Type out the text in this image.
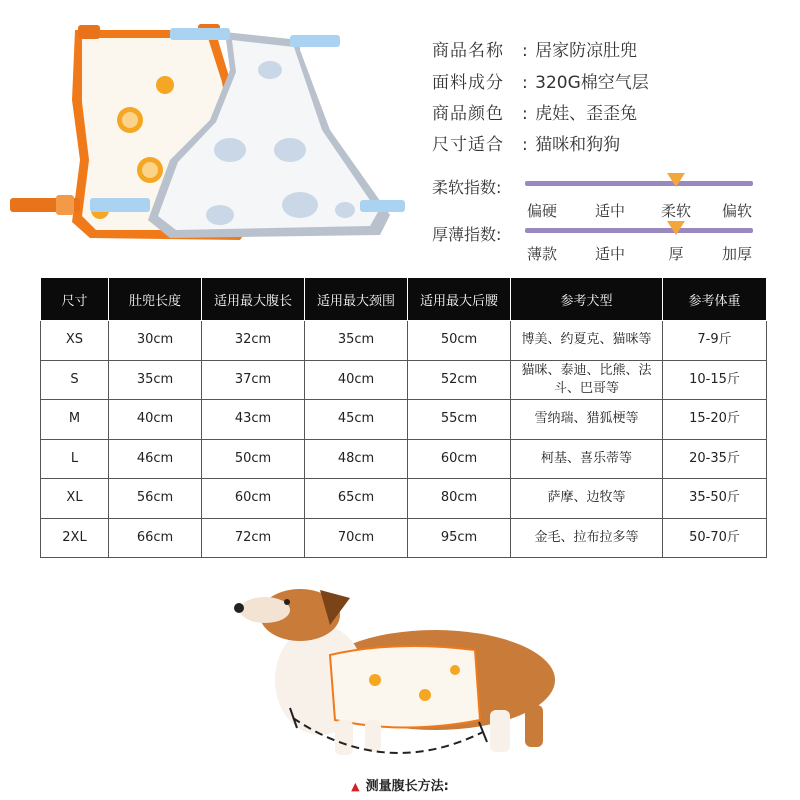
商品名称 : 居家防凉肚兜
面料成分 : 320G棉空气层
商品颜色 : 虎娃、歪歪兔
尺寸适合 : 猫咪和狗狗
柔软指数:
偏硬	适中 柔软 偏软
厚薄指数:
薄款	适中	厚	加厚
尺寸	肚兜长度	适用最大腹长	适用最大颈围	适用最大后腰	参考犬型	参考体重
XS	30cm	32cm	35cm	50cm	博美、约夏克、猫咪等	7-9斤
S	35cm	37cm	40cm	52cm	猫咪、泰迪、比熊、法斗、巴哥等	10-15斤
M	40cm	43cm	45cm	55cm	雪纳瑞、猎狐梗等	15-20斤
L	46cm	50cm	48cm	60cm	柯基、喜乐蒂等	20-35斤
XL	56cm	60cm	65cm	80cm	萨摩、边牧等	35-50斤
2XL	66cm	72cm	70cm	95cm	金毛、拉布拉多等	50-70斤
▲ 测量腹长方法:
